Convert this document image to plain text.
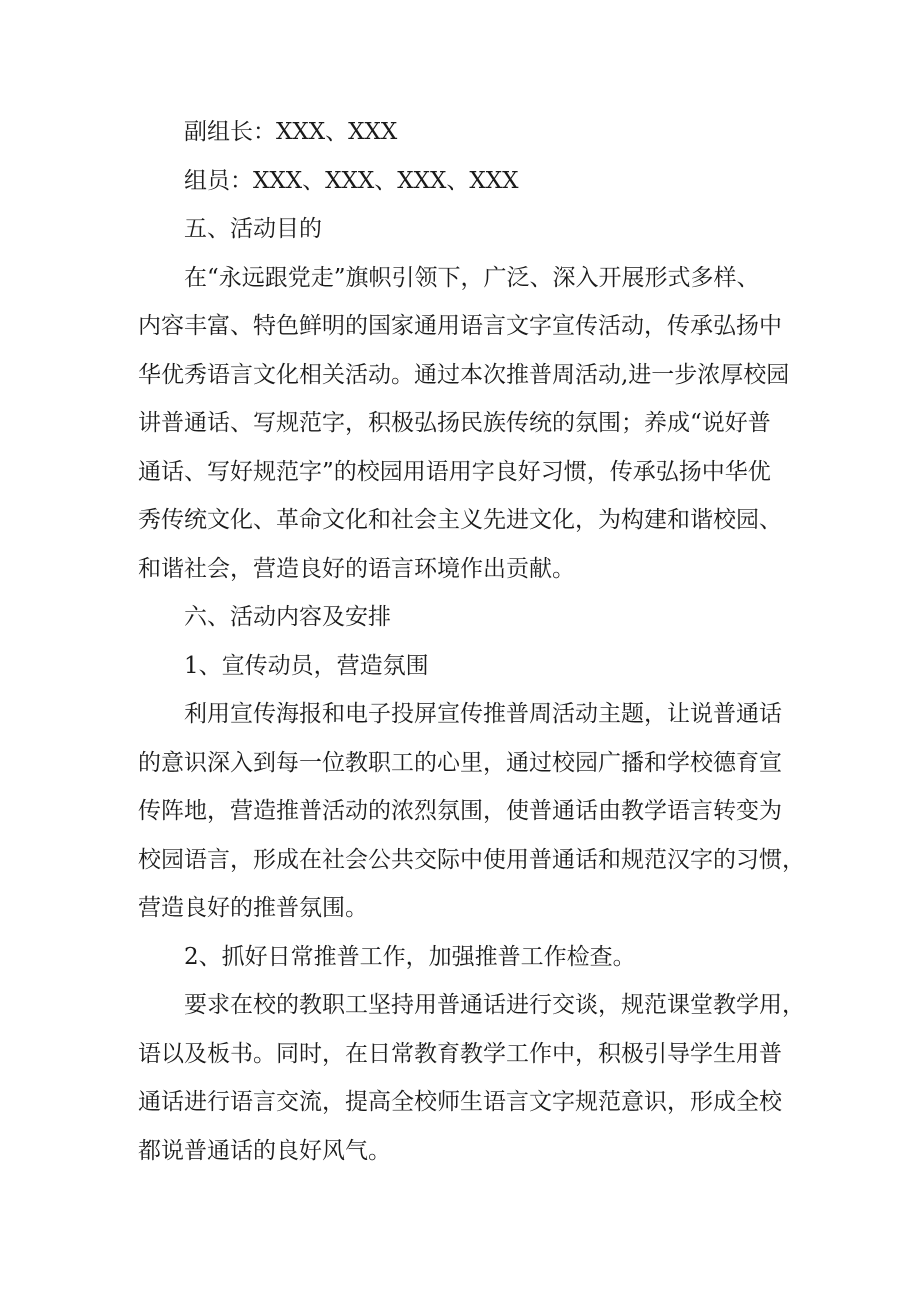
副组长：XXX、XXX

组员：XXX、XXX、XXX、XXX

五、活动目的

在“永远跟党走”旗帜引领下，广泛、深入开展形式多样、

内容丰富、特色鲜明的国家通用语言文字宣传活动，传承弘扬中

华优秀语言文化相关活动。通过本次推普周活动,进一步浓厚校园

讲普通话、写规范字，积极弘扬民族传统的氛围；养成“说好普

通话、写好规范字”的校园用语用字良好习惯，传承弘扬中华优

秀传统文化、革命文化和社会主义先进文化，为构建和谐校园、

和谐社会，营造良好的语言环境作出贡献。

六、活动内容及安排

1、宣传动员，营造氛围

利用宣传海报和电子投屏宣传推普周活动主题，让说普通话

的意识深入到每一位教职工的心里，通过校园广播和学校德育宣

传阵地，营造推普活动的浓烈氛围，使普通话由教学语言转变为

校园语言，形成在社会公共交际中使用普通话和规范汉字的习惯，

营造良好的推普氛围。

2、抓好日常推普工作，加强推普工作检查。

要求在校的教职工坚持用普通话进行交谈，规范课堂教学用，

语以及板书。同时，在日常教育教学工作中，积极引导学生用普

通话进行语言交流，提高全校师生语言文字规范意识，形成全校

都说普通话的良好风气。
